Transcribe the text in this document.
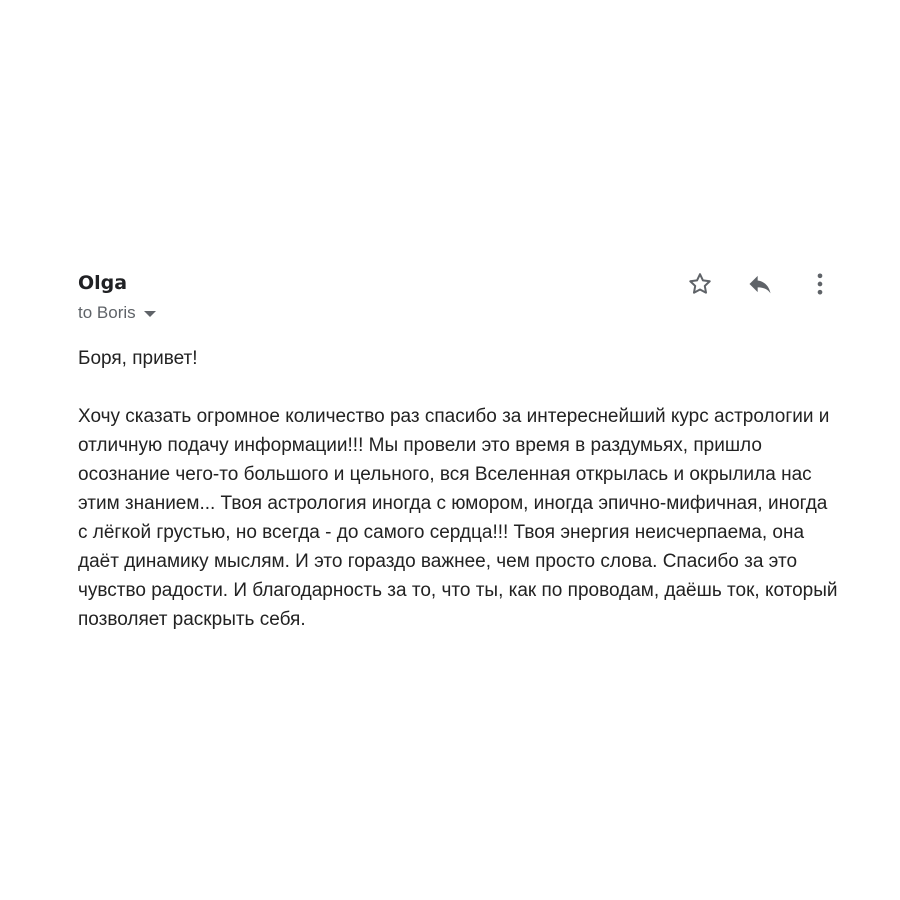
Olga
to Boris

Боря, привет!

Хочу сказать огромное количество раз спасибо за интереснейший курс астрологии и отличную подачу информации!!! Мы провели это время в раздумьях, пришло осознание чего-то большого и цельного, вся Вселенная открылась и окрылила нас этим знанием... Твоя астрология иногда с юмором, иногда эпично-мифичная, иногда с лёгкой грустью, но всегда - до самого сердца!!! Твоя энергия неисчерпаема, она даёт динамику мыслям. И это гораздо важнее, чем просто слова. Спасибо за это чувство радости. И благодарность за то, что ты, как по проводам, даёшь ток, который позволяет раскрыть себя.
